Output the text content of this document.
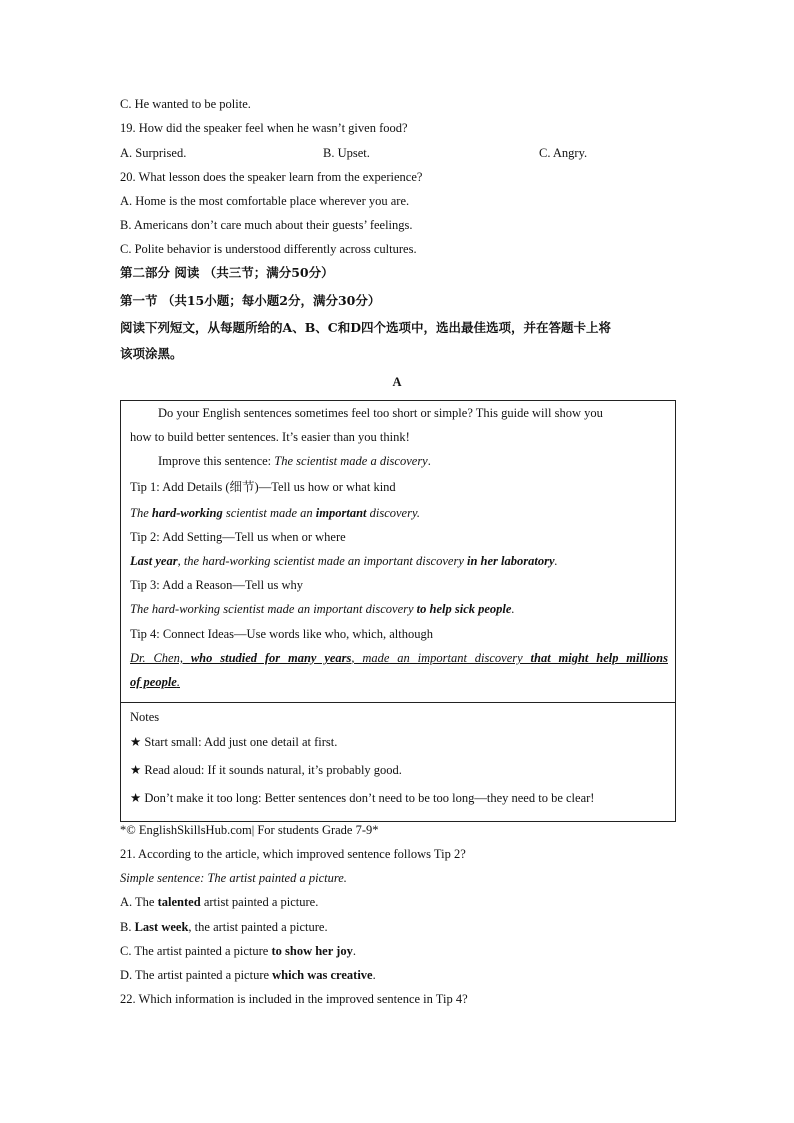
C. He wanted to be polite.
19. How did the speaker feel when he wasn’t given food?
A. Surprised.	B. Upset.	C. Angry.
20. What lesson does the speaker learn from the experience?
A. Home is the most comfortable place wherever you are.
B. Americans don’t care much about their guests’ feelings.
C. Polite behavior is understood differently across cultures.
第二部分 阅读 （共三节；满分50分）
第一节 （共15小题；每小题2分，满分30分）
阅读下列短文，从每题所给的A、B、C和D四个选项中，选出最佳选项，并在答题卡上将
该项涂黑。
A
Do your English sentences sometimes feel too short or simple? This guide will show you
how to build better sentences. It’s easier than you think!
Improve this sentence: The scientist made a discovery.
Tip 1: Add Details (细节)—Tell us how or what kind
The hard-working scientist made an important discovery.
Tip 2: Add Setting—Tell us when or where
Last year, the hard-working scientist made an important discovery in her laboratory.
Tip 3: Add a Reason—Tell us why
The hard-working scientist made an important discovery to help sick people.
Tip 4: Connect Ideas—Use words like who, which, although
Dr. Chen, who studied for many years, made an important discovery that might help millions
of people.
Notes
★ Start small: Add just one detail at first.
★ Read aloud: If it sounds natural, it’s probably good.
★ Don’t make it too long: Better sentences don’t need to be too long—they need to be clear!
*© EnglishSkillsHub.com| For students Grade 7-9*
21. According to the article, which improved sentence follows Tip 2?
Simple sentence: The artist painted a picture.
A. The talented artist painted a picture.
B. Last week, the artist painted a picture.
C. The artist painted a picture to show her joy.
D. The artist painted a picture which was creative.
22. Which information is included in the improved sentence in Tip 4?
